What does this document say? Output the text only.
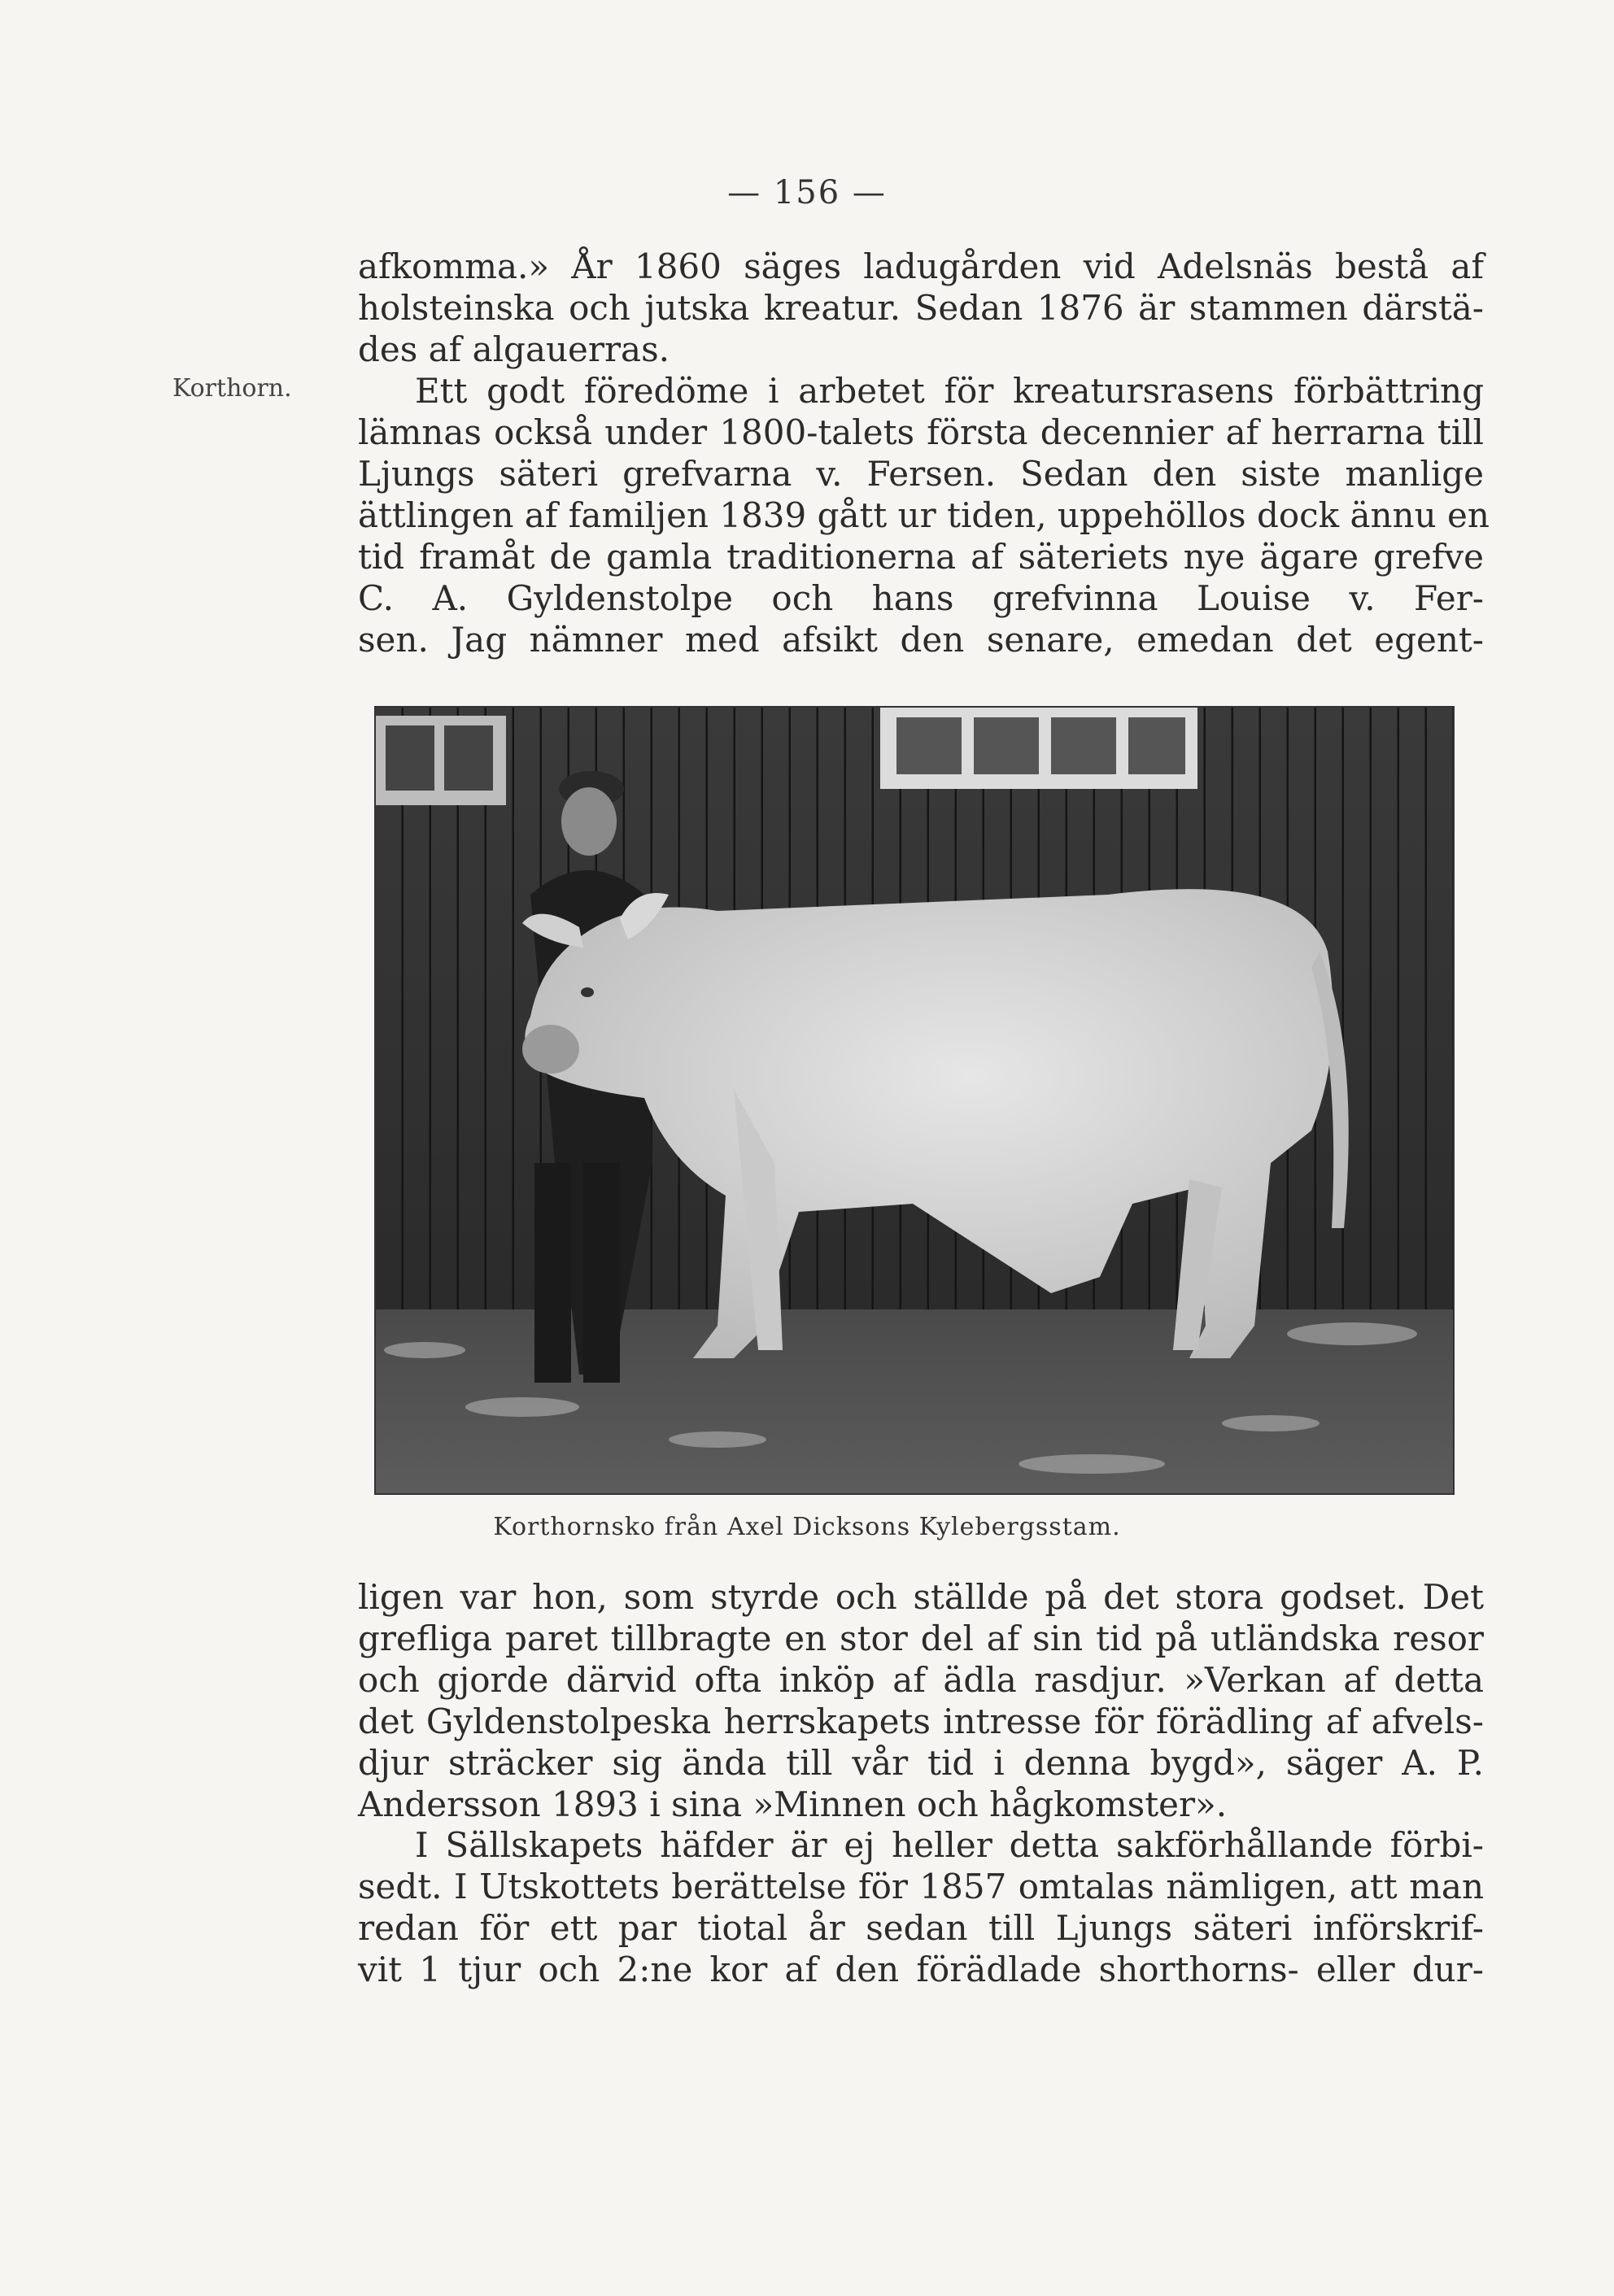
— 156 —
Korthorn.
afkomma.» År 1860 säges ladugården vid Adelsnäs bestå af
holsteinska och jutska kreatur. Sedan 1876 är stammen därstä-
des af algauerras.
Ett godt föredöme i arbetet för kreatursrasens förbättring
lämnas också under 1800-talets första decennier af herrarna till
Ljungs säteri grefvarna v. Fersen. Sedan den siste manlige
ättlingen af familjen 1839 gått ur tiden, uppehöllos dock ännu en
tid framåt de gamla traditionerna af säteriets nye ägare grefve
C. A. Gyldenstolpe och hans grefvinna Louise v. Fer-
sen. Jag nämner med afsikt den senare, emedan det egent-
Korthornsko från Axel Dicksons Kylebergsstam.
ligen var hon, som styrde och ställde på det stora godset. Det
grefliga paret tillbragte en stor del af sin tid på utländska resor
och gjorde därvid ofta inköp af ädla rasdjur. »Verkan af detta
det Gyldenstolpeska herrskapets intresse för förädling af afvels-
djur sträcker sig ända till vår tid i denna bygd», säger A. P.
Andersson 1893 i sina »Minnen och hågkomster».
I Sällskapets häfder är ej heller detta sakförhållande förbi-
sedt. I Utskottets berättelse för 1857 omtalas nämligen, att man
redan för ett par tiotal år sedan till Ljungs säteri införskrif-
vit 1 tjur och 2:ne kor af den förädlade shorthorns- eller dur-
